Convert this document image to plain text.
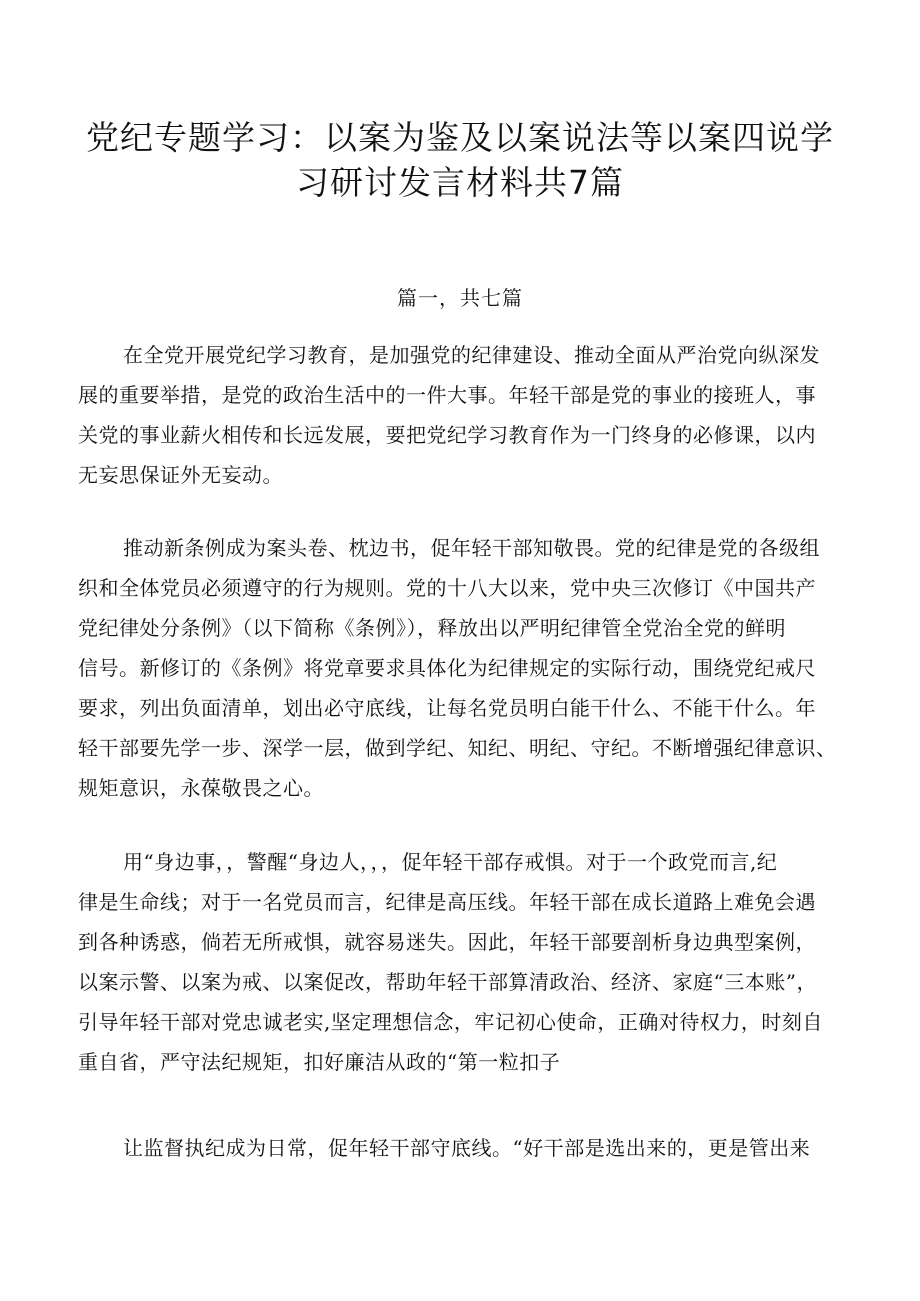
党纪专题学习：以案为鉴及以案说法等以案四说学
习研讨发言材料共7篇
篇一，共七篇
在全党开展党纪学习教育，是加强党的纪律建设、推动全面从严治党向纵深发
展的重要举措，是党的政治生活中的一件大事。年轻干部是党的事业的接班人，事
关党的事业薪火相传和长远发展，要把党纪学习教育作为一门终身的必修课，以内
无妄思保证外无妄动。
推动新条例成为案头卷、枕边书，促年轻干部知敬畏。党的纪律是党的各级组
织和全体党员必须遵守的行为规则。党的十八大以来，党中央三次修订《中国共产
党纪律处分条例》（以下简称《条例》），释放出以严明纪律管全党治全党的鲜明
信号。新修订的《条例》将党章要求具体化为纪律规定的实际行动，围绕党纪戒尺
要求，列出负面清单，划出必守底线，让每名党员明白能干什么、不能干什么。年
轻干部要先学一步、深学一层，做到学纪、知纪、明纪、守纪。不断增强纪律意识、
规矩意识，永葆敬畏之心。
用“身边事，，警醒“身边人，，，促年轻干部存戒惧。对于一个政党而言,纪
律是生命线；对于一名党员而言，纪律是高压线。年轻干部在成长道路上难免会遇
到各种诱惑，倘若无所戒惧，就容易迷失。因此，年轻干部要剖析身边典型案例，
以案示警、以案为戒、以案促改，帮助年轻干部算清政治、经济、家庭“三本账”，
引导年轻干部对党忠诚老实,坚定理想信念，牢记初心使命，正确对待权力，时刻自
重自省，严守法纪规矩，扣好廉洁从政的“第一粒扣子
让监督执纪成为日常，促年轻干部守底线。“好干部是选出来的，更是管出来
